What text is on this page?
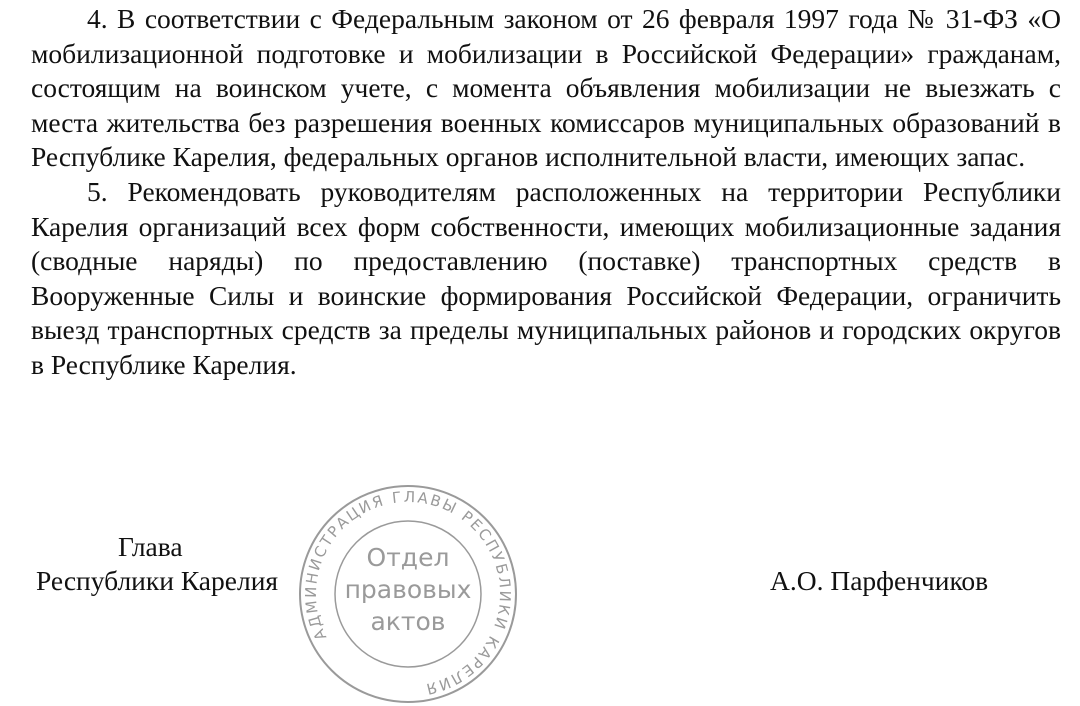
4. В соответствии с Федеральным законом от 26 февраля 1997 года № 31-ФЗ «О мобилизационной подготовке и мобилизации в Российской Федерации» гражданам, состоящим на воинском учете, с момента объявления мобилизации не выезжать с места жительства без разрешения военных комиссаров муниципальных образований в Республике Карелия, федеральных органов исполнительной власти, имеющих запас.

5. Рекомендовать руководителям расположенных на территории Республики Карелия организаций всех форм собственности, имеющих мобилизационные задания (сводные наряды) по предоставлению (поставке) транспортных средств в Вооруженные Силы и воинские формирования Российской Федерации, ограничить выезд транспортных средств за пределы муниципальных районов и городских округов в Республике Карелия.

Глава
Республики Карелия	А.О. Парфенчиков
АДМИНИСТРАЦИЯ ГЛАВЫ РЕСПУБЛИКИ КАРЕЛИЯ
Отдел
правовых
актов
